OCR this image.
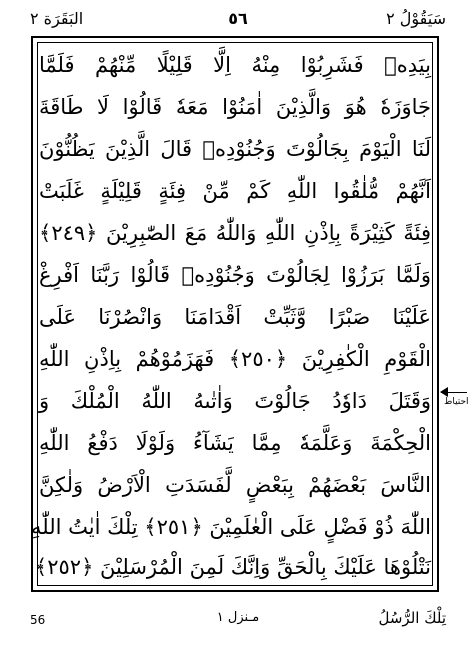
البَقَرَة ٢	٥٦	سَيَقُوْلُ ٢
بِيَدِهٖ فَشَرِبُوْا مِنْهُ اِلَّا قَلِيْلًا مِّنْهُمْ فَلَمَّا
جَاوَزَهٗ هُوَ وَالَّذِيْنَ اٰمَنُوْا مَعَهٗ قَالُوْا لَا طَاقَةَ
لَنَا الْيَوْمَ بِجَالُوْتَ وَجُنُوْدِهٖ قَالَ الَّذِيْنَ يَظُنُّوْنَ
اَنَّهُمْ مُّلٰقُوا اللّٰهِ كَمْ مِّنْ فِئَةٍ قَلِيْلَةٍ غَلَبَتْ
فِئَةً كَثِيْرَةً بِاِذْنِ اللّٰهِ وَاللّٰهُ مَعَ الصّٰبِرِيْنَ ﴿٢٤٩﴾
وَلَمَّا بَرَزُوْا لِجَالُوْتَ وَجُنُوْدِهٖ قَالُوْا رَبَّنَا اَفْرِغْ
عَلَيْنَا صَبْرًا وَّثَبِّتْ اَقْدَامَنَا وَانْصُرْنَا عَلَى
الْقَوْمِ الْكٰفِرِيْنَ ﴿٢٥٠﴾ فَهَزَمُوْهُمْ بِاِذْنِ اللّٰهِ
وَقَتَلَ دَاوٗدُ جَالُوْتَ وَاٰتٰىهُ اللّٰهُ الْمُلْكَ وَ
الْحِكْمَةَ وَعَلَّمَهٗ مِمَّا يَشَآءُ وَلَوْلَا دَفْعُ اللّٰهِ
النَّاسَ بَعْضَهُمْ بِبَعْضٍ لَّفَسَدَتِ الْاَرْضُ وَلٰكِنَّ
اللّٰهَ ذُوْ فَضْلٍ عَلَى الْعٰلَمِيْنَ ﴿٢٥١﴾ تِلْكَ اٰيٰتُ اللّٰهِ
نَتْلُوْهَا عَلَيْكَ بِالْحَقِّ وَاِنَّكَ لَمِنَ الْمُرْسَلِيْنَ ﴿٢٥٢﴾
احتیاط
56	مـنزل ١	تِلْكَ الرُّسُلُ
